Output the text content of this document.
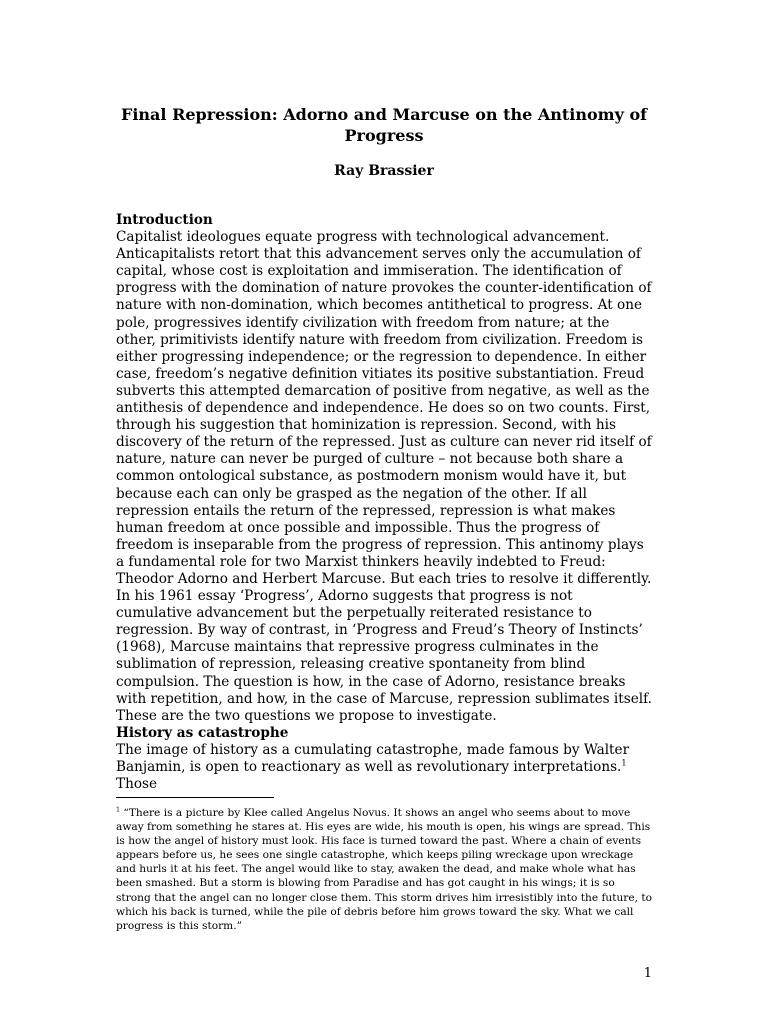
Final Repression: Adorno and Marcuse on the Antinomy of Progress
Ray Brassier
Introduction
Capitalist ideologues equate progress with technological advancement. Anticapitalists retort that this advancement serves only the accumulation of capital, whose cost is exploitation and immiseration. The identification of progress with the domination of nature provokes the counter-identification of nature with non-domination, which becomes antithetical to progress. At one pole, progressives identify civilization with freedom from nature; at the other, primitivists identify nature with freedom from civilization. Freedom is either progressing independence; or the regression to dependence. In either case, freedom’s negative definition vitiates its positive substantiation. Freud subverts this attempted demarcation of positive from negative, as well as the antithesis of dependence and independence. He does so on two counts. First, through his suggestion that hominization is repression. Second, with his discovery of the return of the repressed. Just as culture can never rid itself of nature, nature can never be purged of culture – not because both share a common ontological substance, as postmodern monism would have it, but because each can only be grasped as the negation of the other. If all repression entails the return of the repressed, repression is what makes human freedom at once possible and impossible. Thus the progress of freedom is inseparable from the progress of repression. This antinomy plays a fundamental role for two Marxist thinkers heavily indebted to Freud: Theodor Adorno and Herbert Marcuse. But each tries to resolve it differently. In his 1961 essay ‘Progress’, Adorno suggests that progress is not cumulative advancement but the perpetually reiterated resistance to regression. By way of contrast, in ‘Progress and Freud’s Theory of Instincts’ (1968), Marcuse maintains that repressive progress culminates in the sublimation of repression, releasing creative spontaneity from blind compulsion. The question is how, in the case of Adorno, resistance breaks with repetition, and how, in the case of Marcuse, repression sublimates itself. These are the two questions we propose to investigate.
History as catastrophe
The image of history as a cumulating catastrophe, made famous by Walter Banjamin, is open to reactionary as well as revolutionary interpretations.$^1$ Those
$^1$ “There is a picture by Klee called Angelus Novus. It shows an angel who seems about to move away from something he stares at. His eyes are wide, his mouth is open, his wings are spread. This is how the angel of history must look. His face is turned toward the past. Where a chain of events appears before us, he sees one single catastrophe, which keeps piling wreckage upon wreckage and hurls it at his feet. The angel would like to stay, awaken the dead, and make whole what has been smashed. But a storm is blowing from Paradise and has got caught in his wings; it is so strong that the angel can no longer close them. This storm drives him irresistibly into the future, to which his back is turned, while the pile of debris before him grows toward the sky. What we call progress is this storm.”
1
